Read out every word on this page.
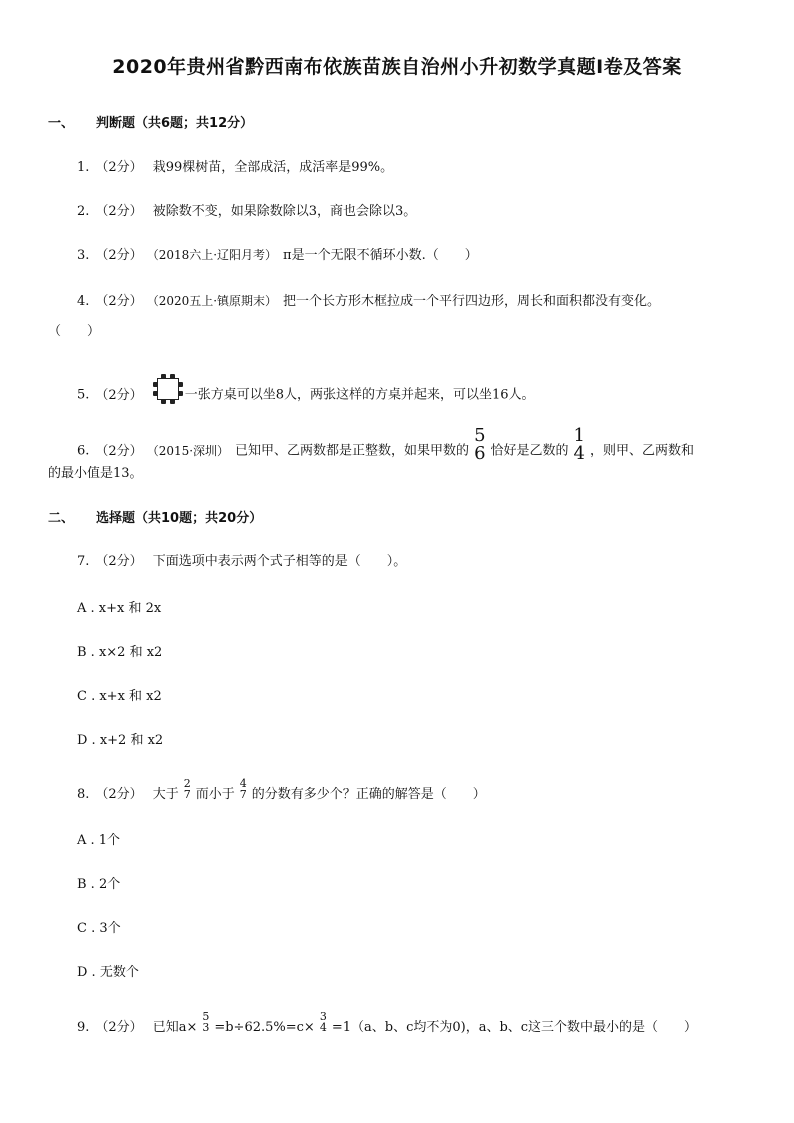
2020年贵州省黔西南布依族苗族自治州小升初数学真题I卷及答案
一、 判断题（共6题；共12分）
1. （2分） 栽99棵树苗，全部成活，成活率是99%。
2. （2分） 被除数不变，如果除数除以3，商也会除以3。
3. （2分） （2018六上·辽阳月考） π是一个无限不循环小数.（　　）
4. （2分） （2020五上·镇原期末） 把一个长方形木框拉成一个平行四边形，周长和面积都没有变化。
（　　）
5. （2分）	一张方桌可以坐8人，两张这样的方桌并起来，可以坐16人。
6. （2分） （2015·深圳） 已知甲、乙两数都是正整数，如果甲数的
5
6 恰好是乙数的
1
4 ，则甲、乙两数和
的最小值是13。
二、 选择题（共10题；共20分）
7. （2分） 下面选项中表示两个式子相等的是（　　）。
A . x+x 和 2x
B . x×2 和 x2
C . x+x 和 x2
D . x+2 和 x2
8. （2分） 大于
2
7 而小于
4
7 的分数有多少个？正确的解答是（　　）
A . 1个
B . 2个
C . 3个
D . 无数个
9. （2分） 已知a×
5
3 =b÷62.5%=c×
3
4 =1（a、b、c均不为0)，a、b、c这三个数中最小的是（　　）
